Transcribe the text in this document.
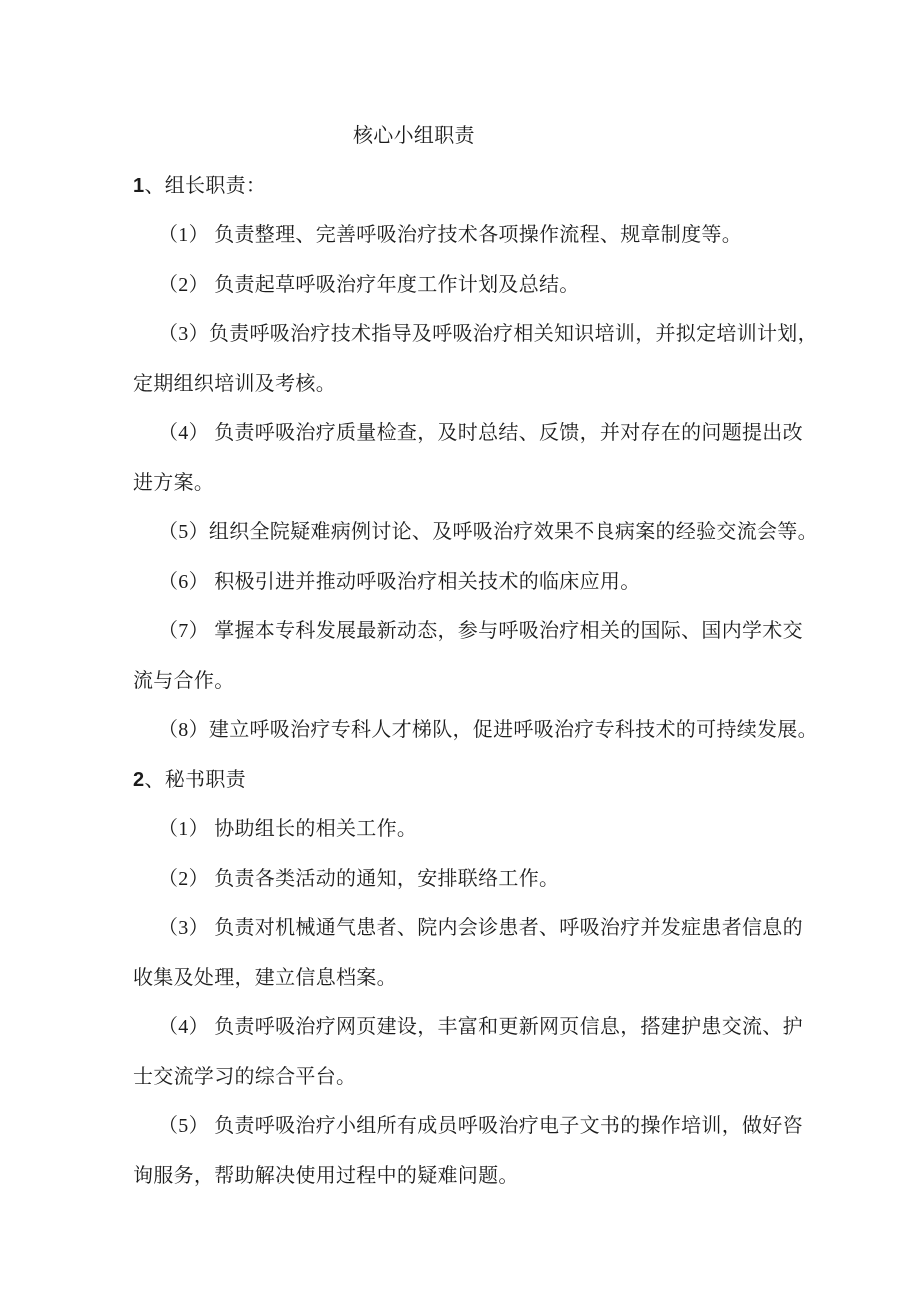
核心小组职责
1、组长职责：
（1） 负责整理、完善呼吸治疗技术各项操作流程、规章制度等。
（2） 负责起草呼吸治疗年度工作计划及总结。
（3）负责呼吸治疗技术指导及呼吸治疗相关知识培训，并拟定培训计划，
定期组织培训及考核。
（4） 负责呼吸治疗质量检查，及时总结、反馈，并对存在的问题提出改
进方案。
（5）组织全院疑难病例讨论、及呼吸治疗效果不良病案的经验交流会等。
（6） 积极引进并推动呼吸治疗相关技术的临床应用。
（7） 掌握本专科发展最新动态，参与呼吸治疗相关的国际、国内学术交
流与合作。
（8）建立呼吸治疗专科人才梯队，促进呼吸治疗专科技术的可持续发展。
2、秘书职责
（1） 协助组长的相关工作。
（2） 负责各类活动的通知，安排联络工作。
（3） 负责对机械通气患者、院内会诊患者、呼吸治疗并发症患者信息的
收集及处理，建立信息档案。
（4） 负责呼吸治疗网页建设，丰富和更新网页信息，搭建护患交流、护
士交流学习的综合平台。
（5） 负责呼吸治疗小组所有成员呼吸治疗电子文书的操作培训，做好咨
询服务，帮助解决使用过程中的疑难问题。
